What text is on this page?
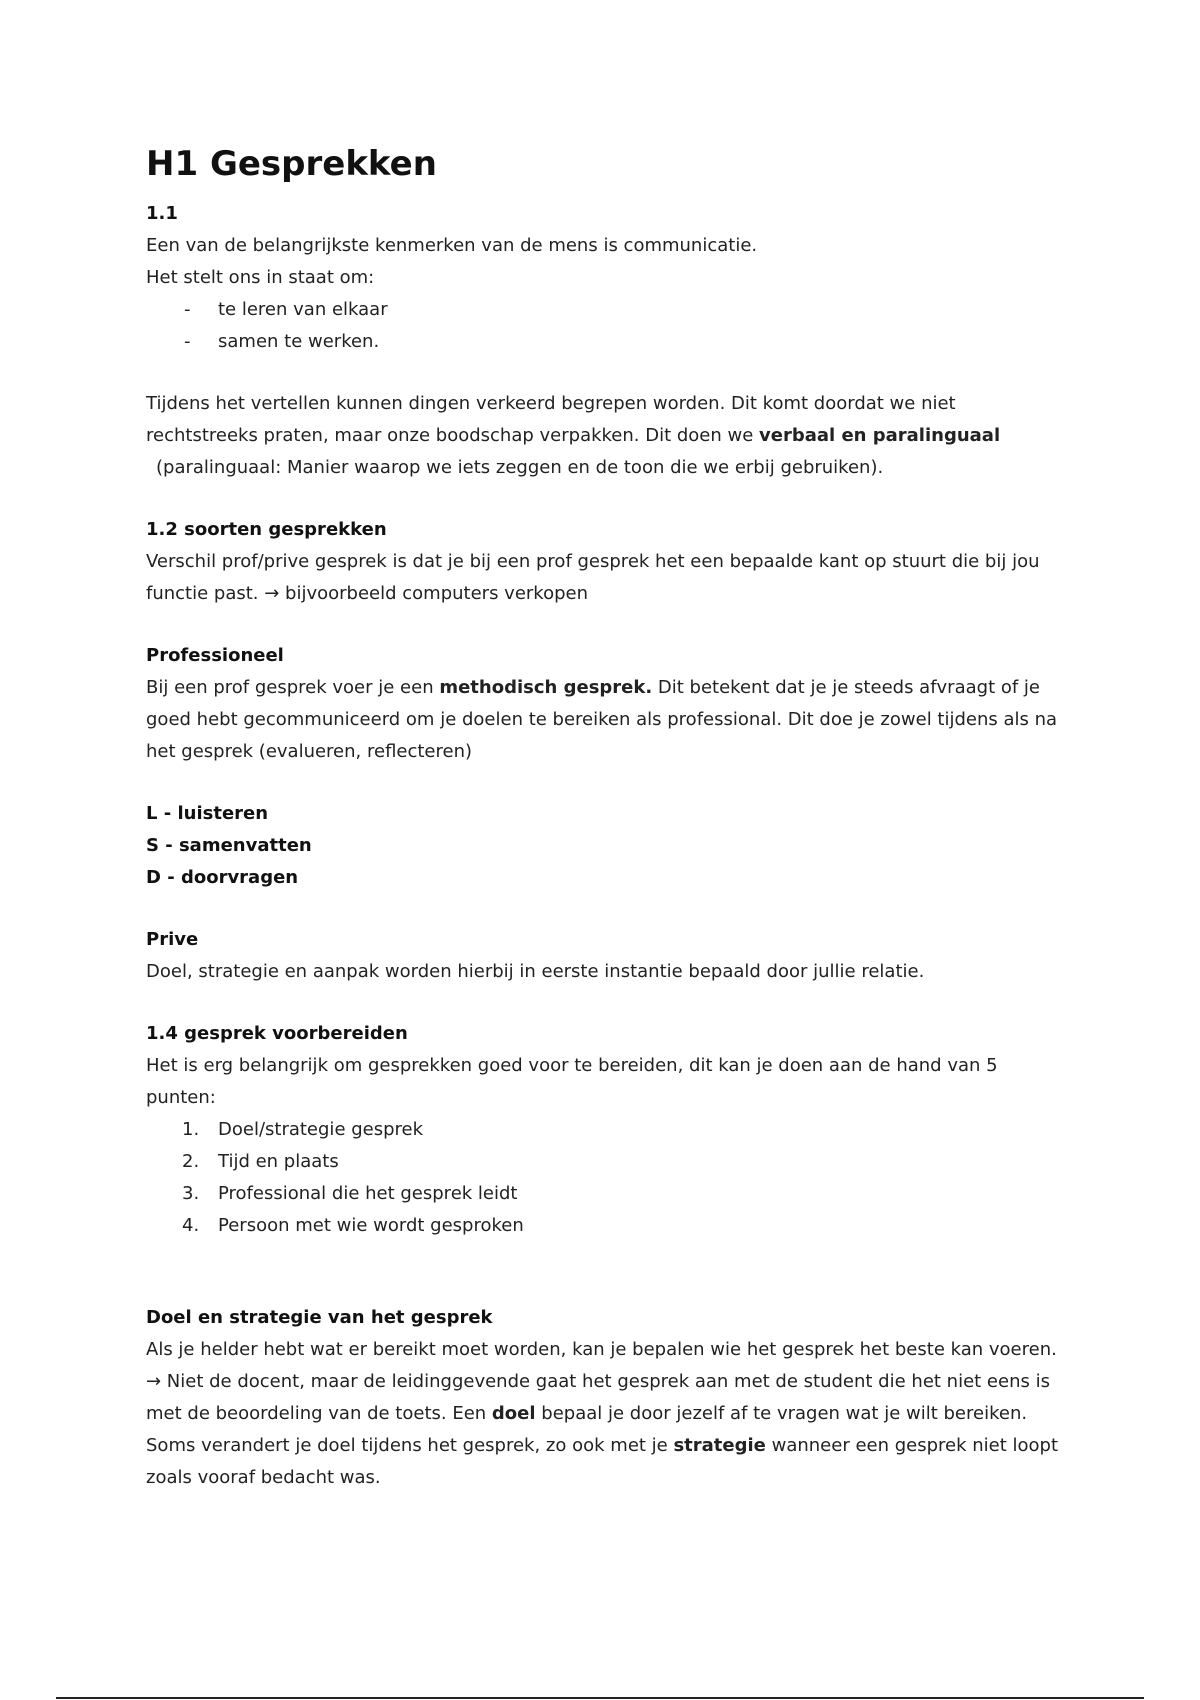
H1 Gesprekken
1.1

Een van de belangrijkste kenmerken van de mens is communicatie.

Het stelt ons in staat om:

- te leren van elkaar
- samen te werken.

Tijdens het vertellen kunnen dingen verkeerd begrepen worden. Dit komt doordat we niet rechtstreeks praten, maar onze boodschap verpakken. Dit doen we verbaal en paralinguaal

(paralinguaal: Manier waarop we iets zeggen en de toon die we erbij gebruiken).

1.2 soorten gesprekken

Verschil prof/prive gesprek is dat je bij een prof gesprek het een bepaalde kant op stuurt die bij jou functie past. → bijvoorbeeld computers verkopen

Professioneel

Bij een prof gesprek voer je een methodisch gesprek. Dit betekent dat je je steeds afvraagt of je goed hebt gecommuniceerd om je doelen te bereiken als professional. Dit doe je zowel tijdens als na het gesprek (evalueren, reflecteren)

L - luisteren
S - samenvatten
D - doorvragen
Prive

Doel, strategie en aanpak worden hierbij in eerste instantie bepaald door jullie relatie.

1.4 gesprek voorbereiden

Het is erg belangrijk om gesprekken goed voor te bereiden, dit kan je doen aan de hand van 5 punten:

1. Doel/strategie gesprek
2. Tijd en plaats
3. Professional die het gesprek leidt
4. Persoon met wie wordt gesproken
Doel en strategie van het gesprek

Als je helder hebt wat er bereikt moet worden, kan je bepalen wie het gesprek het beste kan voeren.

→ Niet de docent, maar de leidinggevende gaat het gesprek aan met de student die het niet eens is met de beoordeling van de toets. Een doel bepaal je door jezelf af te vragen wat je wilt bereiken. Soms verandert je doel tijdens het gesprek, zo ook met je strategie wanneer een gesprek niet loopt zoals vooraf bedacht was.
